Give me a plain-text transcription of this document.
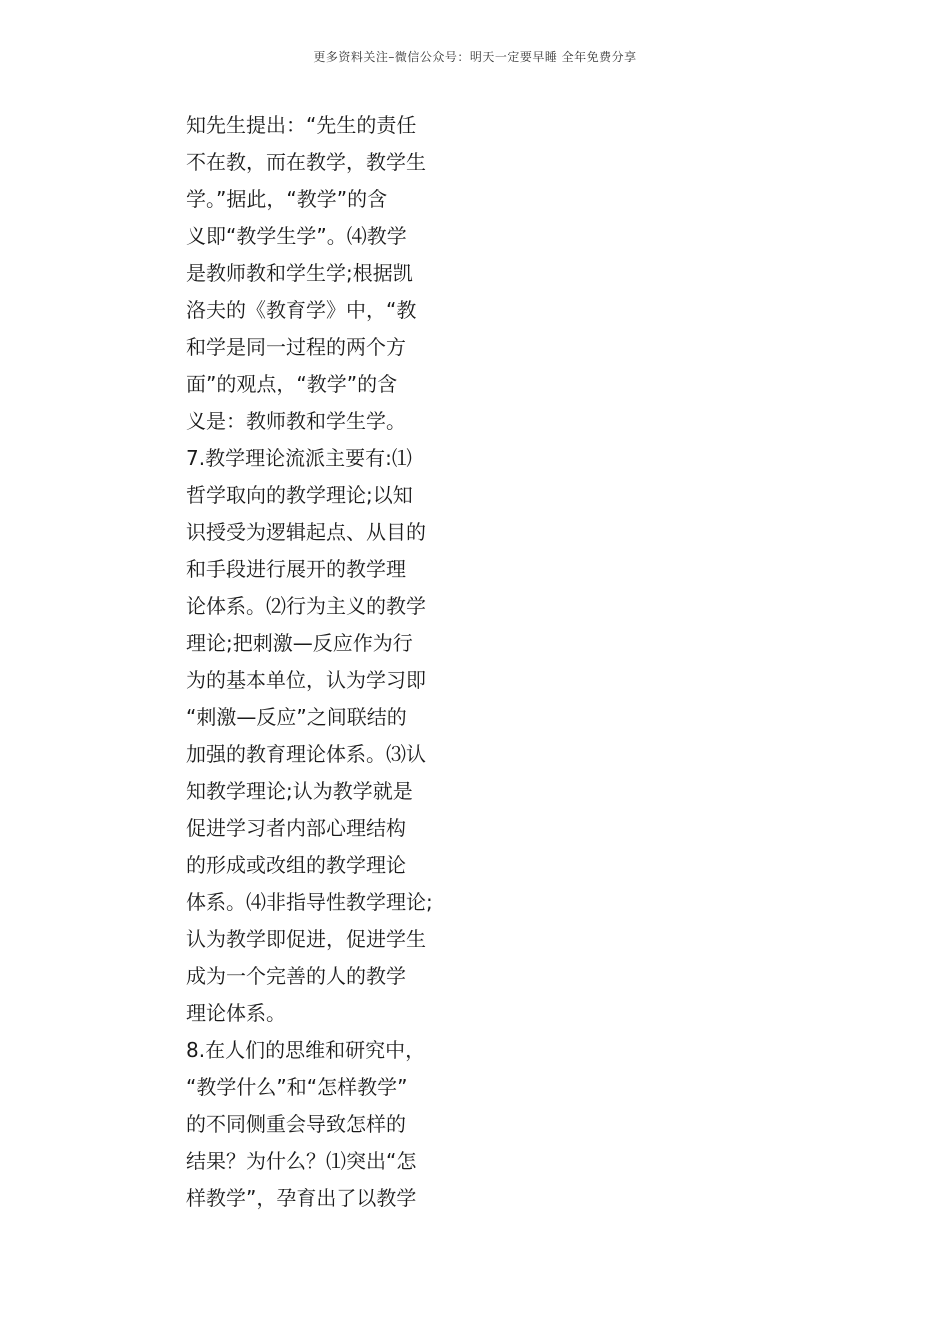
更多资料关注–微信公众号：明天一定要早睡 全年免费分享
知先生提出：“先生的责任
不在教，而在教学，教学生
学。”据此，“教学”的含
义即“教学生学”。⑷教学
是教师教和学生学;根据凯
洛夫的《教育学》中，“教
和学是同一过程的两个方
面”的观点，“教学”的含
义是：教师教和学生学。
7.教学理论流派主要有:⑴
哲学取向的教学理论;以知
识授受为逻辑起点、从目的
和手段进行展开的教学理
论体系。⑵行为主义的教学
理论;把刺激—反应作为行
为的基本单位，认为学习即
“刺激—反应”之间联结的
加强的教育理论体系。⑶认
知教学理论;认为教学就是
促进学习者内部心理结构
的形成或改组的教学理论
体系。⑷非指导性教学理论;
认为教学即促进，促进学生
成为一个完善的人的教学
理论体系。
8.在人们的思维和研究中，
“教学什么”和“怎样教学”
的不同侧重会导致怎样的
结果？为什么？⑴突出“怎
样教学”，孕育出了以教学
